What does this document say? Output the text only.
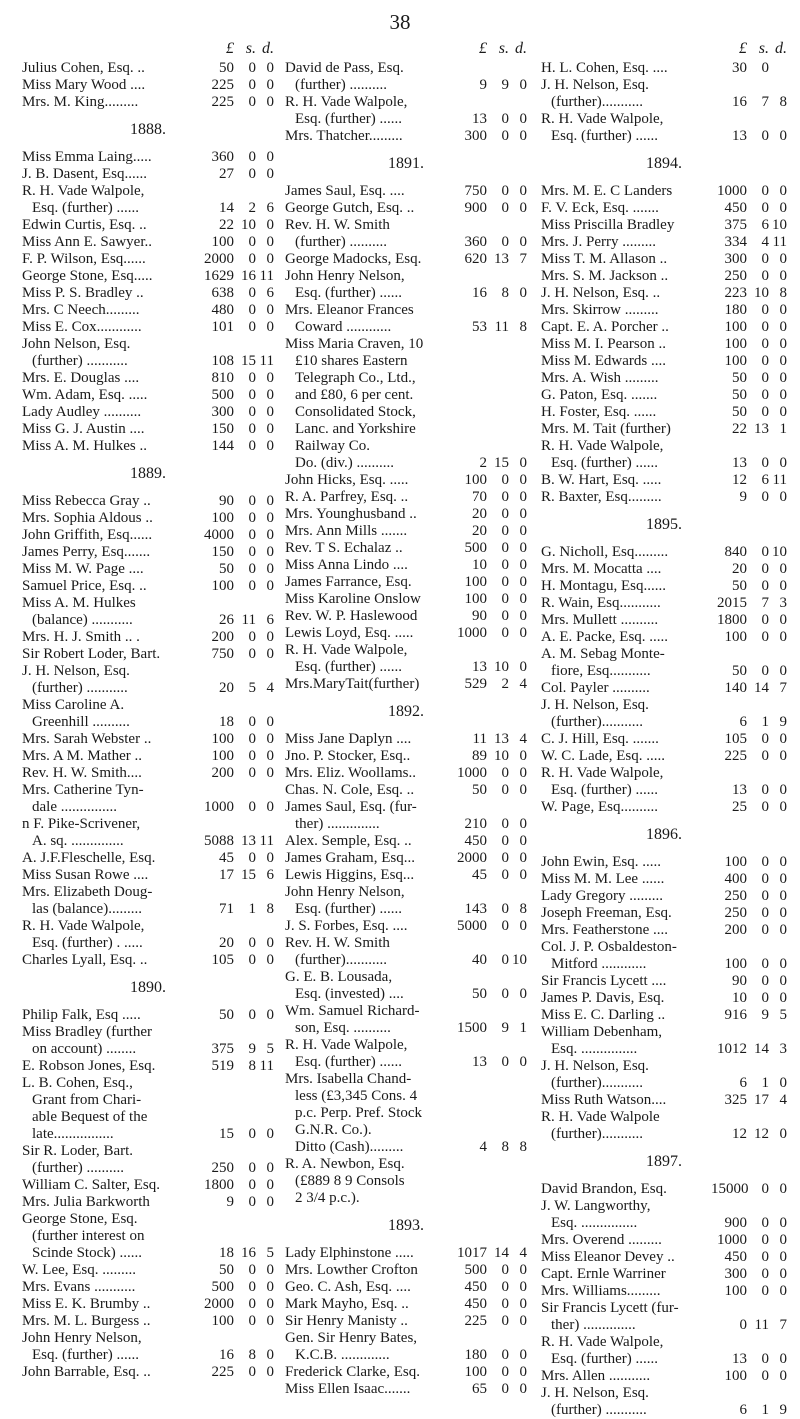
38
£ s. d.
Julius Cohen, Esq. ..	50 0 0
Miss Mary Wood ....	225 0 0
Mrs. M. King.........	225 0 0
1888.
Miss Emma Laing.....	360 0 0
J. B. Dasent, Esq......	27 0 0
R. H. Vade Walpole,
Esq. (further) ......	14 2 6
Edwin Curtis, Esq. ..	22 10 0
Miss Ann E. Sawyer..	100 0 0
F. P. Wilson, Esq......	2000 0 0
George Stone, Esq.....	1629 16 11
Miss P. S. Bradley ..	638 0 6
Mrs. C Neech.........	480 0 0
Miss E. Cox............	101 0 0
John Nelson, Esq.
(further) ...........	108 15 11
Mrs. E. Douglas ....	810 0 0
Wm. Adam, Esq. .....	500 0 0
Lady Audley ..........	300 0 0
Miss G. J. Austin ....	150 0 0
Miss A. M. Hulkes ..	144 0 0
1889.
Miss Rebecca Gray ..	90 0 0
Mrs. Sophia Aldous ..	100 0 0
John Griffith, Esq......	4000 0 0
James Perry, Esq.......	150 0 0
Miss M. W. Page ....	50 0 0
Samuel Price, Esq. ..	100 0 0
Miss A. M. Hulkes
(balance) ...........	26 11 6
Mrs. H. J. Smith .. .	200 0 0
Sir Robert Loder, Bart.	750 0 0
J. H. Nelson, Esq.
(further) ...........	20 5 4
Miss Caroline A.
Greenhill ..........	18 0 0
Mrs. Sarah Webster ..	100 0 0
Mrs. A M. Mather ..	100 0 0
Rev. H. W. Smith....	200 0 0
Mrs. Catherine Tyn-
dale ...............	1000 0 0
n F. Pike-Scrivener,
A. sq. ..............	5088 13 11
A. J.F.Fleschelle, Esq.	45 0 0
Miss Susan Rowe ....	17 15 6
Mrs. Elizabeth Doug-
las (balance).........	71 1 8
R. H. Vade Walpole,
Esq. (further) . .....	20 0 0
Charles Lyall, Esq. ..	105 0 0
1890.
Philip Falk, Esq .....	50 0 0
Miss Bradley (further
on account) ........	375 9 5
E. Robson Jones, Esq.	519 8 11
L. B. Cohen, Esq.,
Grant from Chari-
able Bequest of the
late................	15 0 0
Sir R. Loder, Bart.
(further) ..........	250 0 0
William C. Salter, Esq.	1800 0 0
Mrs. Julia Barkworth	9 0 0
George Stone, Esq.
(further interest on
Scinde Stock) ......	18 16 5
W. Lee, Esq. .........	50 0 0
Mrs. Evans ...........	500 0 0
Miss E. K. Brumby ..	2000 0 0
Mrs. M. L. Burgess ..	100 0 0
John Henry Nelson,
Esq. (further) ......	16 8 0
John Barrable, Esq. ..	225 0 0
£ s. d.
David de Pass, Esq.
(further) ..........	9 9 0
R. H. Vade Walpole,
Esq. (further) ......	13 0 0
Mrs. Thatcher.........	300 0 0
1891.
James Saul, Esq. ....	750 0 0
George Gutch, Esq. ..	900 0 0
Rev. H. W. Smith
(further) ..........	360 0 0
George Madocks, Esq.	620 13 7
John Henry Nelson,
Esq. (further) ......	16 8 0
Mrs. Eleanor Frances
Coward ............	53 11 8
Miss Maria Craven, 10
£10 shares Eastern
Telegraph Co., Ltd.,
and £80, 6 per cent.
Consolidated Stock,
Lanc. and Yorkshire
Railway Co.
Do. (div.) ..........	2 15 0
John Hicks, Esq. .....	100 0 0
R. A. Parfrey, Esq. ..	70 0 0
Mrs. Younghusband ..	20 0 0
Mrs. Ann Mills .......	20 0 0
Rev. T S. Echalaz ..	500 0 0
Miss Anna Lindo ....	10 0 0
James Farrance, Esq.	100 0 0
Miss Karoline Onslow	100 0 0
Rev. W. P. Haslewood	90 0 0
Lewis Loyd, Esq. .....	1000 0 0
R. H. Vade Walpole,
Esq. (further) ......	13 10 0
Mrs.MaryTait(further)	529 2 4
1892.
Miss Jane Daplyn ....	11 13 4
Jno. P. Stocker, Esq..	89 10 0
Mrs. Eliz. Woollams..	1000 0 0
Chas. N. Cole, Esq. ..	50 0 0
James Saul, Esq. (fur-
ther) ..............	210 0 0
Alex. Semple, Esq. ..	450 0 0
James Graham, Esq...	2000 0 0
Lewis Higgins, Esq...	45 0 0
John Henry Nelson,
Esq. (further) ......	143 0 8
J. S. Forbes, Esq. ....	5000 0 0
Rev. H. W. Smith
(further)...........	40 0 10
G. E. B. Lousada,
Esq. (invested) ....	50 0 0
Wm. Samuel Richard-
son, Esq. ..........	1500 9 1
R. H. Vade Walpole,
Esq. (further) ......	13 0 0
Mrs. Isabella Chand-
less (£3,345 Cons. 4
p.c. Perp. Pref. Stock
G.N.R. Co.).
Ditto (Cash).........	4 8 8
R. A. Newbon, Esq.
(£889 8 9 Consols
2 3/4 p.c.).
1893.
Lady Elphinstone .....	1017 14 4
Mrs. Lowther Crofton	500 0 0
Geo. C. Ash, Esq. ....	450 0 0
Mark Mayho, Esq. ..	450 0 0
Sir Henry Manisty ..	225 0 0
Gen. Sir Henry Bates,
K.C.B. .............	180 0 0
Frederick Clarke, Esq.	100 0 0
Miss Ellen Isaac.......	65 0 0
£ s. d.
H. L. Cohen, Esq. ....	30 0
J. H. Nelson, Esq.
(further)...........	16 7 8
R. H. Vade Walpole,
Esq. (further) ......	13 0 0
1894.
Mrs. M. E. C Landers	1000 0 0
F. V. Eck, Esq. .......	450 0 0
Miss Priscilla Bradley	375 6 10
Mrs. J. Perry .........	334 4 11
Miss T. M. Allason ..	300 0 0
Mrs. S. M. Jackson ..	250 0 0
J. H. Nelson, Esq. ..	223 10 8
Mrs. Skirrow .........	180 0 0
Capt. E. A. Porcher ..	100 0 0
Miss M. I. Pearson ..	100 0 0
Miss M. Edwards ....	100 0 0
Mrs. A. Wish .........	50 0 0
G. Paton, Esq. .......	50 0 0
H. Foster, Esq. ......	50 0 0
Mrs. M. Tait (further)	22 13 1
R. H. Vade Walpole,
Esq. (further) ......	13 0 0
B. W. Hart, Esq. .....	12 6 11
R. Baxter, Esq.........	9 0 0
1895.
G. Nicholl, Esq.........	840 0 10
Mrs. M. Mocatta ....	20 0 0
H. Montagu, Esq......	50 0 0
R. Wain, Esq...........	2015 7 3
Mrs. Mullett ..........	1800 0 0
A. E. Packe, Esq. .....	100 0 0
A. M. Sebag Monte-
fiore, Esq...........	50 0 0
Col. Payler ..........	140 14 7
J. H. Nelson, Esq.
(further)...........	6 1 9
C. J. Hill, Esq. .......	105 0 0
W. C. Lade, Esq. .....	225 0 0
R. H. Vade Walpole,
Esq. (further) ......	13 0 0
W. Page, Esq..........	25 0 0
1896.
John Ewin, Esq. .....	100 0 0
Miss M. M. Lee ......	400 0 0
Lady Gregory .........	250 0 0
Joseph Freeman, Esq.	250 0 0
Mrs. Featherstone ....	200 0 0
Col. J. P. Osbaldeston-
Mitford ............	100 0 0
Sir Francis Lycett ....	90 0 0
James P. Davis, Esq.	10 0 0
Miss E. C. Darling ..	916 9 5
William Debenham,
Esq. ...............	1012 14 3
J. H. Nelson, Esq.
(further)...........	6 1 0
Miss Ruth Watson....	325 17 4
R. H. Vade Walpole
(further)...........	12 12 0
1897.
David Brandon, Esq.	15000 0 0
J. W. Langworthy,
Esq. ...............	900 0 0
Mrs. Overend .........	1000 0 0
Miss Eleanor Devey ..	450 0 0
Capt. Ernle Warriner	300 0 0
Mrs. Williams.........	100 0 0
Sir Francis Lycett (fur-
ther) ..............	0 11 7
R. H. Vade Walpole,
Esq. (further) ......	13 0 0
Mrs. Allen ...........	100 0 0
J. H. Nelson, Esq.
(further) ...........	6 1 9
